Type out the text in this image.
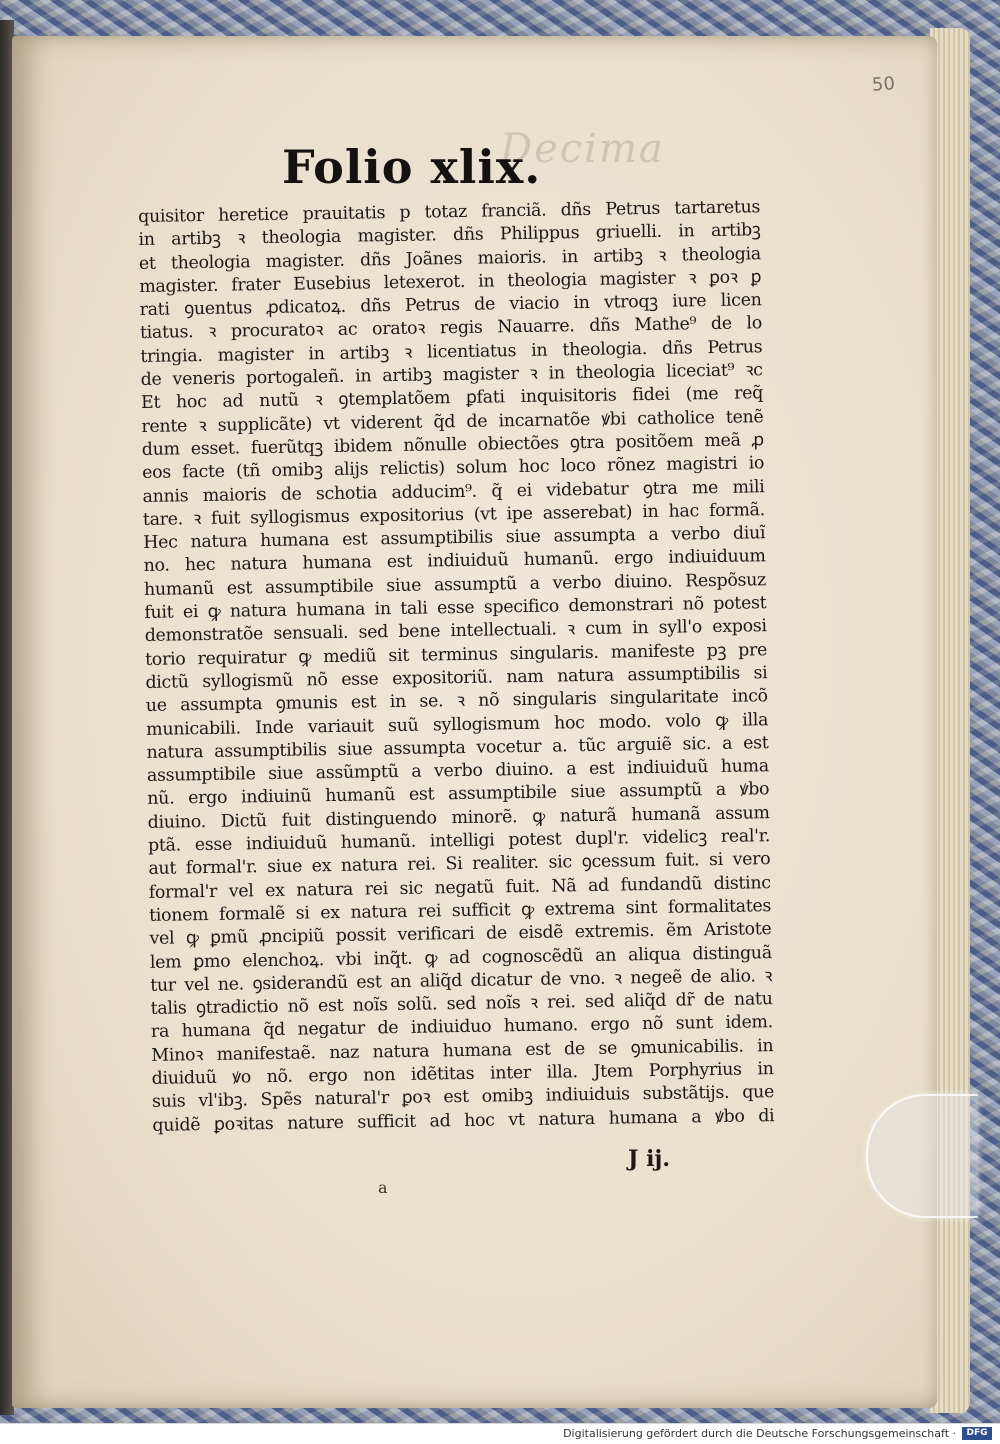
Decima
50
Folio xlix.
quisitor heretice prauitatis p totaz franciã. dñs Petrus tartaretus
in artibꝫ ꝛ theologia magister. dñs Philippus griuelli. in artibꝫ
et theologia magister. dñs Joãnes maioris. in artibꝫ ꝛ theologia
magister. frater Eusebius letexerot. in theologia magister ꝛ ꝑoꝛ ꝑ
rati ꝯuentus ꝓdicatoꝝ. dñs Petrus de viacio in vtroqꝫ iure licen
tiatus. ꝛ procuratoꝛ ac oratoꝛ regis Nauarre. dñs Mathe⁹ de lo
tringia. magister in artibꝫ ꝛ licentiatus in theologia. dñs Petrus
de veneris portogaleñ. in artibꝫ magister ꝛ in theologia liceciat⁹ ꝛc
Et hoc ad nutũ ꝛ ꝯtemplatõem ꝑfati inquisitoris fidei (me req̃
rente ꝛ supplicãte) vt viderent q̃d de incarnatõe ꝟbi catholice tenẽ
dum esset. fuerũtqꝫ ibidem nõnulle obiectões ꝯtra positõem meã ꝓ
eos facte (tñ omibꝫ alijs relictis) solum hoc loco rõnez magistri io
annis maioris de schotia adducim⁹. q̃ ei videbatur ꝯtra me mili
tare. ꝛ fuit syllogismus expositorius (vt ipe asserebat) in hac formã.
Hec natura humana est assumptibilis siue assumpta a verbo diuĩ
no. hec natura humana est indiuiduũ humanũ. ergo indiuiduum
humanũ est assumptibile siue assumptũ a verbo diuino. Respõsuz
fuit ei ꝙ natura humana in tali esse specifico demonstrari nõ potest
demonstratõe sensuali. sed bene intellectuali. ꝛ cum in syll'o exposi
torio requiratur ꝙ mediũ sit terminus singularis. manifeste pꝫ pre
dictũ syllogismũ nõ esse expositoriũ. nam natura assumptibilis si
ue assumpta ꝯmunis est in se. ꝛ nõ singularis singularitate incõ
municabili. Inde variauit suũ syllogismum hoc modo. volo ꝙ illa
natura assumptibilis siue assumpta vocetur a. tũc arguiẽ sic. a est
assumptibile siue assũmptũ a verbo diuino. a est indiuiduũ huma
nũ. ergo indiuinũ humanũ est assumptibile siue assumptũ a ꝟbo
diuino. Dictũ fuit distinguendo minorẽ. ꝙ naturã humanã assum
ptã. esse indiuiduũ humanũ. intelligi potest dupl'r. videlicꝫ real'r.
aut formal'r. siue ex natura rei. Si realiter. sic ꝯcessum fuit. si vero
formal'r vel ex natura rei sic negatũ fuit. Nã ad fundandũ distinc
tionem formalẽ si ex natura rei sufficit ꝙ extrema sint formalitates
vel ꝙ ꝑmũ ꝓncipiũ possit verificari de eisdẽ extremis. ẽm Aristote
lem ꝑmo elenchoꝝ. vbi inq̃t. ꝙ ad cognoscẽdũ an aliqua distinguã
tur vel ne. ꝯsiderandũ est an aliq̃d dicatur de vno. ꝛ negeẽ de alio. ꝛ
talis ꝯtradictio nõ est noĩs solũ. sed noĩs ꝛ rei. sed aliq̃d dr̃ de natu
ra humana q̃d negatur de indiuiduo humano. ergo nõ sunt idem.
Minoꝛ manifestaẽ. naz natura humana est de se ꝯmunicabilis. in
diuiduũ ꝟo nõ. ergo non idẽtitas inter illa. Jtem Porphyrius in
suis vl'ibꝫ. Spẽs natural'r ꝑoꝛ est omibꝫ indiuiduis substãtijs. que
quidẽ ꝑoꝛitas nature sufficit ad hoc vt natura humana a ꝟbo di
J ij.
a
Digitalisierung gefördert durch die Deutsche Forschungsgemeinschaft ·	DFG
